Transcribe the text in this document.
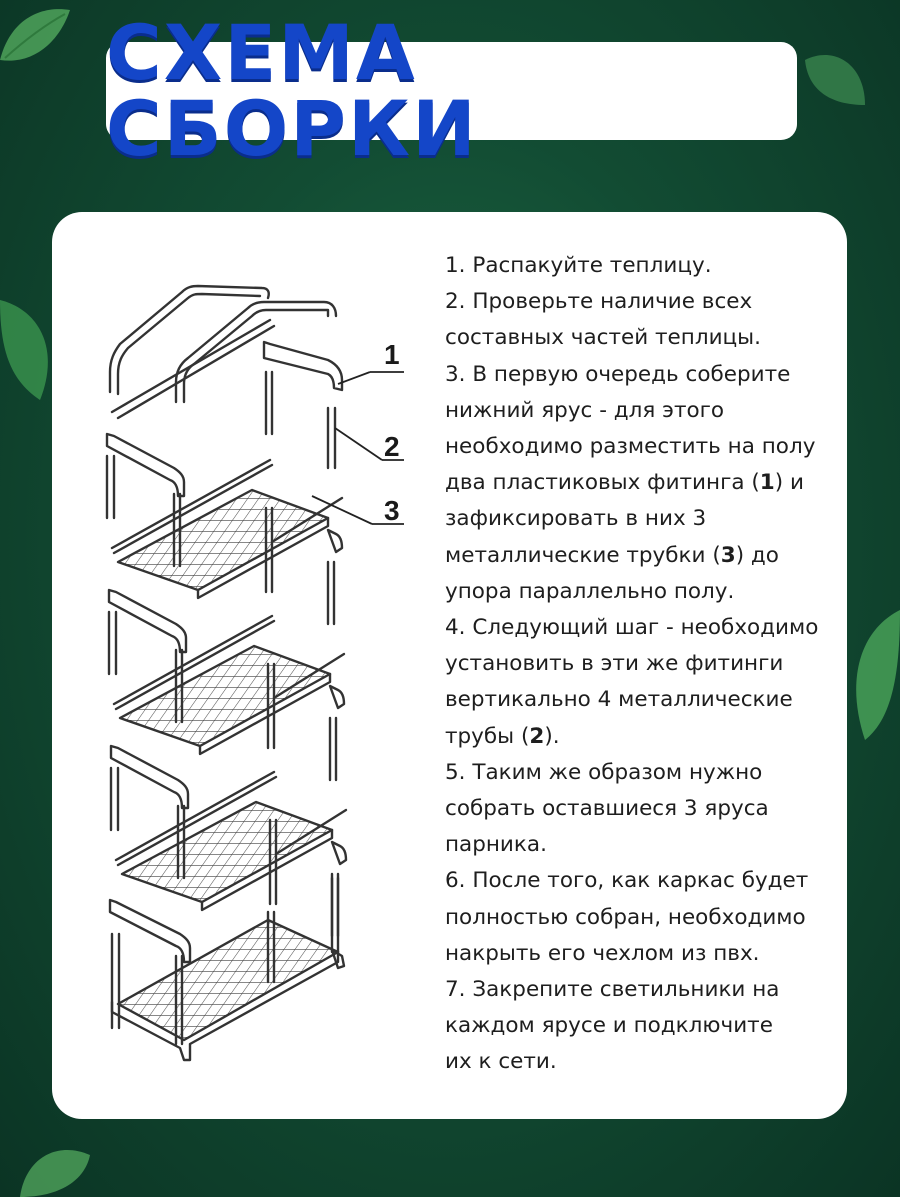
СХЕМА СБОРКИ
1
2
3
1. Распакуйте теплицу.
2. Проверьте наличие всех
составных частей теплицы.
3. В первую очередь соберите
нижний ярус - для этого
необходимо разместить на полу
два пластиковых фитинга (1) и
зафиксировать в них 3
металлические трубки (3) до
упора параллельно полу.
4. Следующий шаг - необходимо
установить в эти же фитинги
вертикально 4 металлические
трубы (2).
5. Таким же образом нужно
собрать оставшиеся 3 яруса
парника.
6. После того, как каркас будет
полностью собран, необходимо
накрыть его чехлом из пвх.
7. Закрепите светильники на
каждом ярусе и подключите
их к сети.
